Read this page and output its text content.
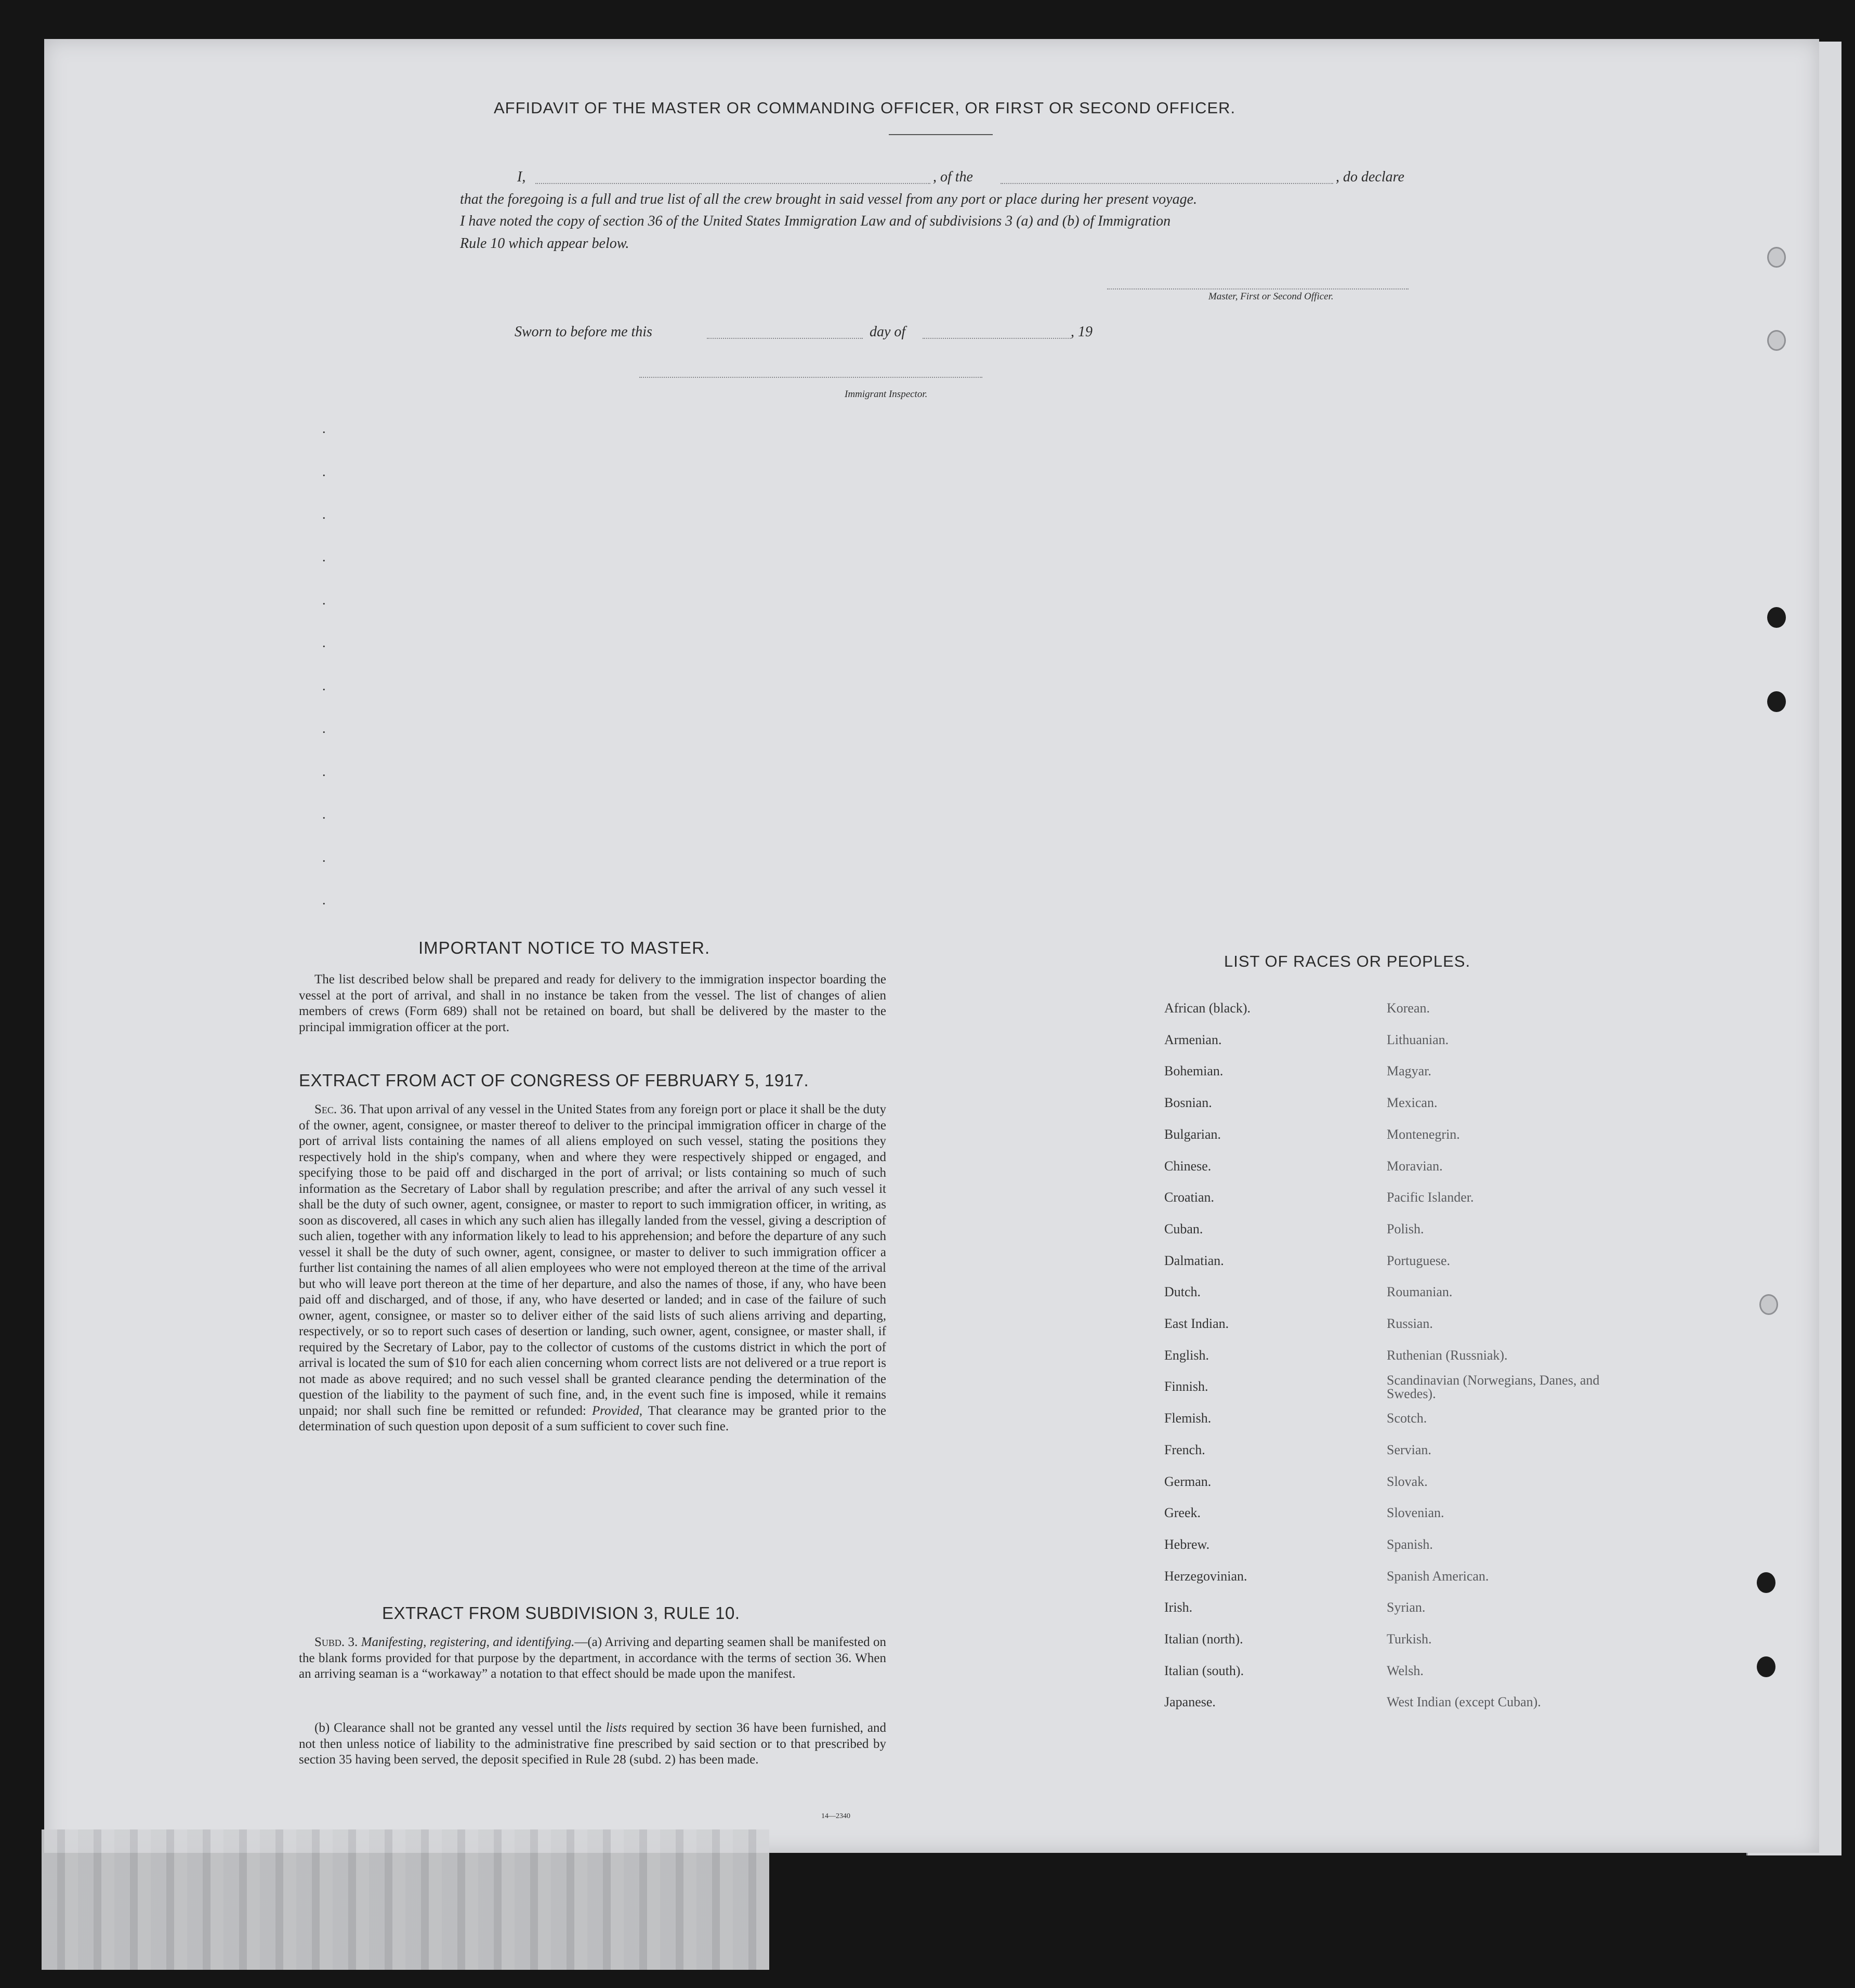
AFFIDAVIT OF THE MASTER OR COMMANDING OFFICER, OR FIRST OR SECOND OFFICER.
I,	, of the	, do declare
that the foregoing is a full and true list of all the crew brought in said vessel from any port or place during her present voyage.
I have noted the copy of section 36 of the United States Immigration Law and of subdivisions 3 (a) and (b) of Immigration
Rule 10 which appear below.
Master, First or Second Officer.
Sworn to before me this	day of	, 19
Immigrant Inspector.
.
.
.
.
.
.
.
.
.
.
.
.
IMPORTANT NOTICE TO MASTER.
The list described below shall be prepared and ready for delivery to the immigration inspector boarding the vessel at the port of arrival, and shall in no instance be taken from the vessel. The list of changes of alien members of crews (Form 689) shall not be retained on board, but shall be delivered by the master to the principal immigration officer at the port.
EXTRACT FROM ACT OF CONGRESS OF FEBRUARY 5, 1917.
Sec. 36. That upon arrival of any vessel in the United States from any foreign port or place it shall be the duty of the owner, agent, consignee, or master thereof to deliver to the principal immigration officer in charge of the port of arrival lists containing the names of all aliens employed on such vessel, stating the positions they respectively hold in the ship's company, when and where they were respectively shipped or engaged, and specifying those to be paid off and discharged in the port of arrival; or lists containing so much of such information as the Secretary of Labor shall by regulation prescribe; and after the arrival of any such vessel it shall be the duty of such owner, agent, consignee, or master to report to such immigration officer, in writing, as soon as discovered, all cases in which any such alien has illegally landed from the vessel, giving a description of such alien, together with any information likely to lead to his apprehension; and before the departure of any such vessel it shall be the duty of such owner, agent, consignee, or master to deliver to such immigration officer a further list containing the names of all alien employees who were not employed thereon at the time of the arrival but who will leave port thereon at the time of her departure, and also the names of those, if any, who have been paid off and discharged, and of those, if any, who have deserted or landed; and in case of the failure of such owner, agent, consignee, or master so to deliver either of the said lists of such aliens arriving and departing, respectively, or so to report such cases of desertion or landing, such owner, agent, consignee, or master shall, if required by the Secretary of Labor, pay to the collector of customs of the customs district in which the port of arrival is located the sum of $10 for each alien concerning whom correct lists are not delivered or a true report is not made as above required; and no such vessel shall be granted clearance pending the determination of the question of the liability to the payment of such fine, and, in the event such fine is imposed, while it remains unpaid; nor shall such fine be remitted or refunded: Provided, That clearance may be granted prior to the determination of such question upon deposit of a sum sufficient to cover such fine.
EXTRACT FROM SUBDIVISION 3, RULE 10.
Subd. 3. Manifesting, registering, and identifying.—(a) Arriving and departing seamen shall be manifested on the blank forms provided for that purpose by the department, in accordance with the terms of section 36. When an arriving seaman is a “workaway” a notation to that effect should be made upon the manifest.
(b) Clearance shall not be granted any vessel until the lists required by section 36 have been furnished, and not then unless notice of liability to the administrative fine prescribed by said section or to that prescribed by section 35 having been served, the deposit specified in Rule 28 (subd. 2) has been made.
14—2340
LIST OF RACES OR PEOPLES.
African (black).
Armenian.
Bohemian.
Bosnian.
Bulgarian.
Chinese.
Croatian.
Cuban.
Dalmatian.
Dutch.
East Indian.
English.
Finnish.
Flemish.
French.
German.
Greek.
Hebrew.
Herzegovinian.
Irish.
Italian (north).
Italian (south).
Japanese.
Korean.
Lithuanian.
Magyar.
Mexican.
Montenegrin.
Moravian.
Pacific Islander.
Polish.
Portuguese.
Roumanian.
Russian.
Ruthenian (Russniak).
Scandinavian (Norwegians, Danes, and Swedes).
Scotch.
Servian.
Slovak.
Slovenian.
Spanish.
Spanish American.
Syrian.
Turkish.
Welsh.
West Indian (except Cuban).
